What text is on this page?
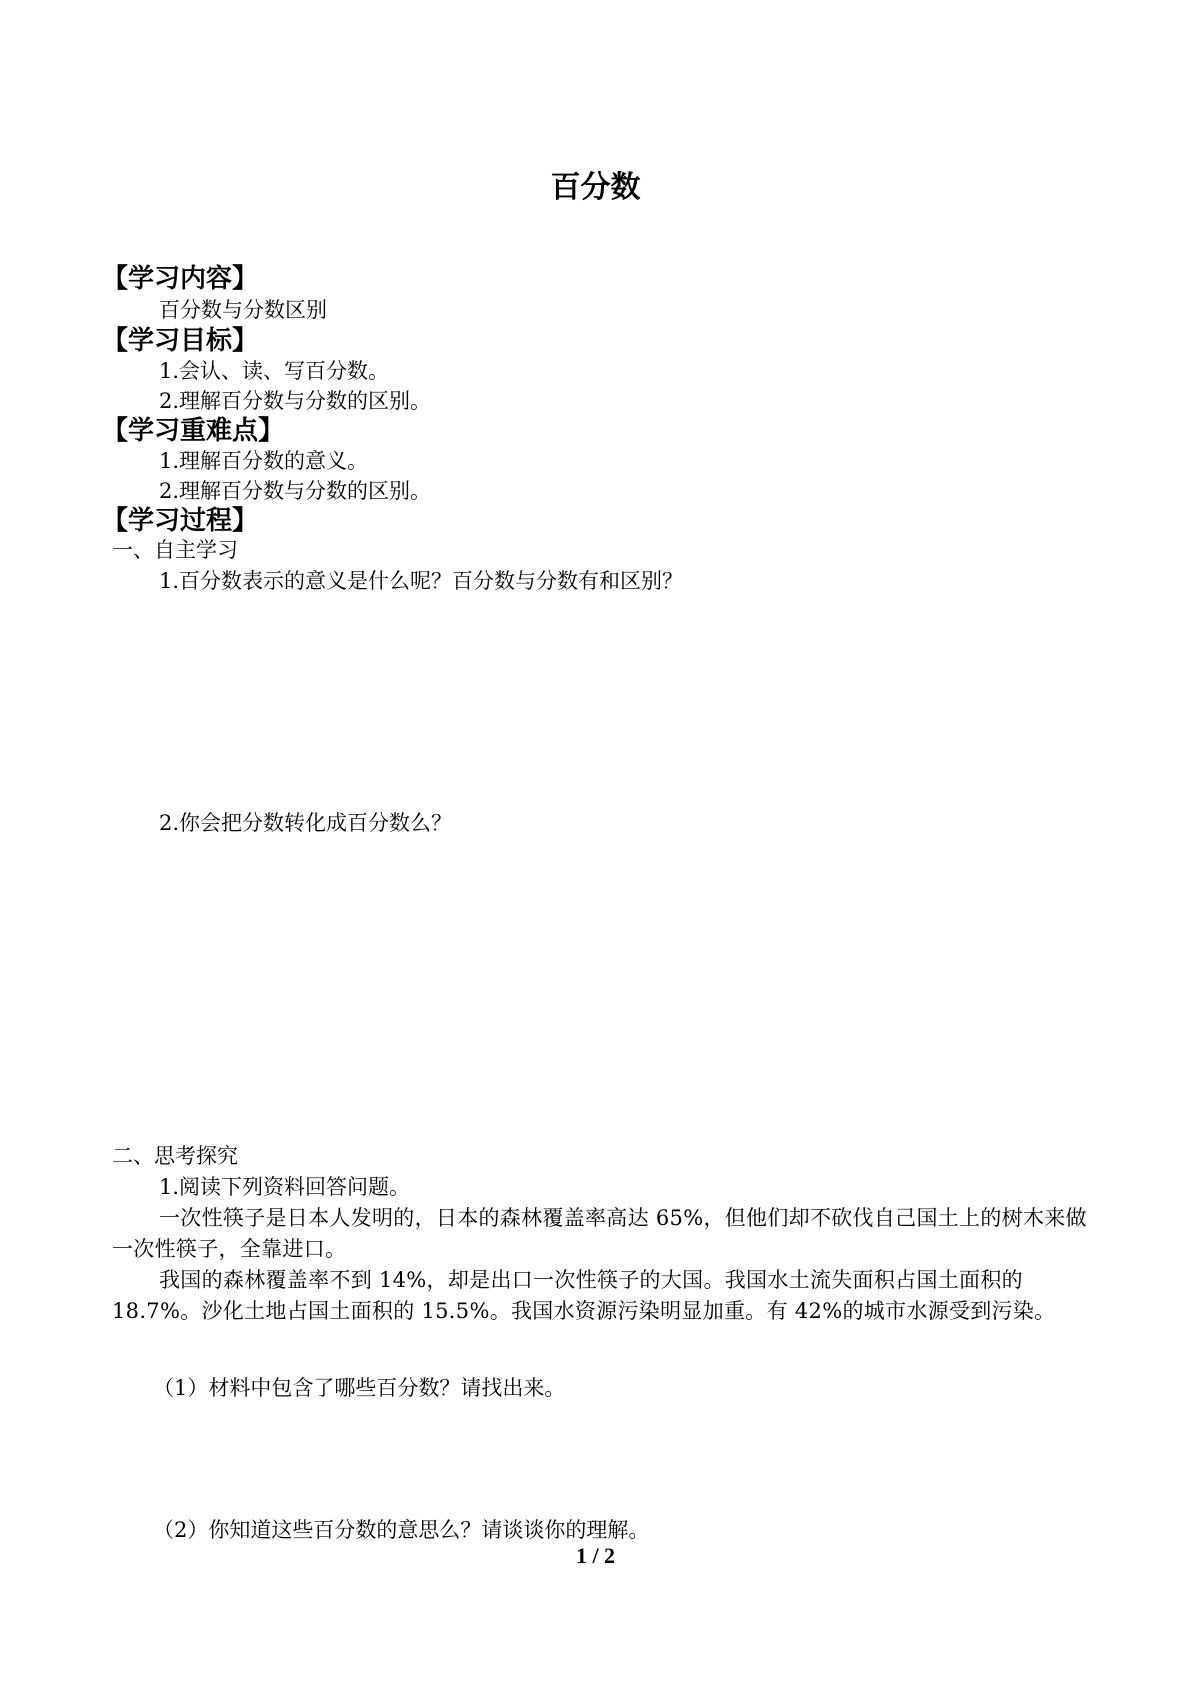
百分数
【学习内容】
百分数与分数区别
【学习目标】
1.会认、读、写百分数。
2.理解百分数与分数的区别。
【学习重难点】
1.理解百分数的意义。
2.理解百分数与分数的区别。
【学习过程】
一、自主学习
1.百分数表示的意义是什么呢？百分数与分数有和区别？
2.你会把分数转化成百分数么？
二、思考探究
1.阅读下列资料回答问题。
一次性筷子是日本人发明的，日本的森林覆盖率高达 65%，但他们却不砍伐自己国土上的树木来做一次性筷子，全靠进口。
我国的森林覆盖率不到 14%，却是出口一次性筷子的大国。我国水土流失面积占国土面积的 18.7%。沙化土地占国土面积的 15.5%。我国水资源污染明显加重。有 42%的城市水源受到污染。
（1）材料中包含了哪些百分数？请找出来。
（2）你知道这些百分数的意思么？请谈谈你的理解。
1 / 2
